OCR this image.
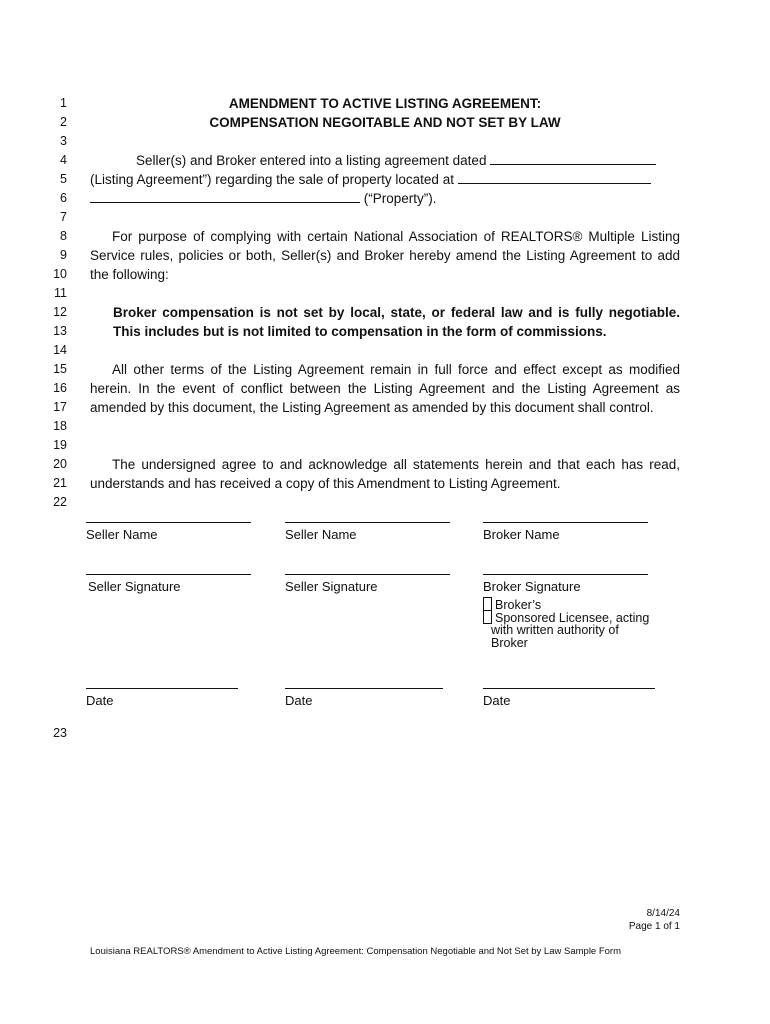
1
2
3
4
5
6
7
8
9
10
11
12
13
14
15
16
17
18
19
20
21
22
23
AMENDMENT TO ACTIVE LISTING AGREEMENT:
COMPENSATION NEGOITABLE AND NOT SET BY LAW
Seller(s) and Broker entered into a listing agreement dated
(Listing Agreement”) regarding the sale of property located at
(“Property”).
For purpose of complying with certain National Association of REALTORS® Multiple Listing Service rules, policies or both, Seller(s) and Broker hereby amend the Listing Agreement to add the following:
Broker compensation is not set by local, state, or federal law and is fully negotiable. This includes but is not limited to compensation in the form of commissions.
All other terms of the Listing Agreement remain in full force and effect except as modified herein. In the event of conflict between the Listing Agreement and the Listing Agreement as amended by this document, the Listing Agreement as amended by this document shall control.
The undersigned agree to and acknowledge all statements herein and that each has read, understands and has received a copy of this Amendment to Listing Agreement.
Seller Name	Seller Name	Broker Name
Seller Signature	Seller Signature	Broker Signature
Broker’s
Sponsored Licensee, acting
with written authority of
Broker
Date	Date	Date
8/14/24
Page 1 of 1
Louisiana REALTORS® Amendment to Active Listing Agreement: Compensation Negotiable and Not Set by Law Sample Form
